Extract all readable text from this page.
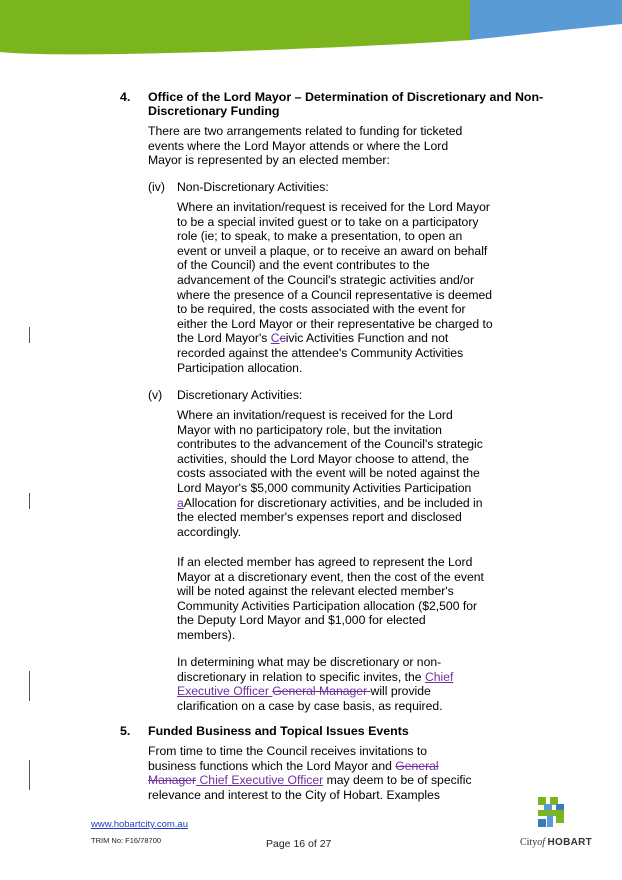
4. Office of the Lord Mayor – Determination of Discretionary and Non-
Discretionary Funding
There are two arrangements related to funding for ticketed
events where the Lord Mayor attends or where the Lord
Mayor is represented by an elected member:
(iv) Non-Discretionary Activities:
Where an invitation/request is received for the Lord Mayor
to be a special invited guest or to take on a participatory
role (ie; to speak, to make a presentation, to open an
event or unveil a plaque, or to receive an award on behalf
of the Council) and the event contributes to the
advancement of the Council's strategic activities and/or
where the presence of a Council representative is deemed
to be required, the costs associated with the event for
either the Lord Mayor or their representative be charged to
the Lord Mayor's Ccivic Activities Function and not
recorded against the attendee's Community Activities
Participation allocation.
(v) Discretionary Activities:
Where an invitation/request is received for the Lord
Mayor with no participatory role, but the invitation
contributes to the advancement of the Council's strategic
activities, should the Lord Mayor choose to attend, the
costs associated with the event will be noted against the
Lord Mayor's $5,000 community Activities Participation
aAllocation for discretionary activities, and be included in
the elected member's expenses report and disclosed
accordingly.
If an elected member has agreed to represent the Lord
Mayor at a discretionary event, then the cost of the event
will be noted against the relevant elected member's
Community Activities Participation allocation ($2,500 for
the Deputy Lord Mayor and $1,000 for elected
members).
In determining what may be discretionary or non-
discretionary in relation to specific invites, the Chief
Executive Officer General Manager will provide
clarification on a case by case basis, as required.
5. Funded Business and Topical Issues Events
From time to time the Council receives invitations to
business functions which the Lord Mayor and General
Manager Chief Executive Officer may deem to be of specific
relevance and interest to the City of Hobart. Examples
www.hobartcity.com.au
TRIM No: F16/78700	Page 16 of 27	Cityof HOBART
